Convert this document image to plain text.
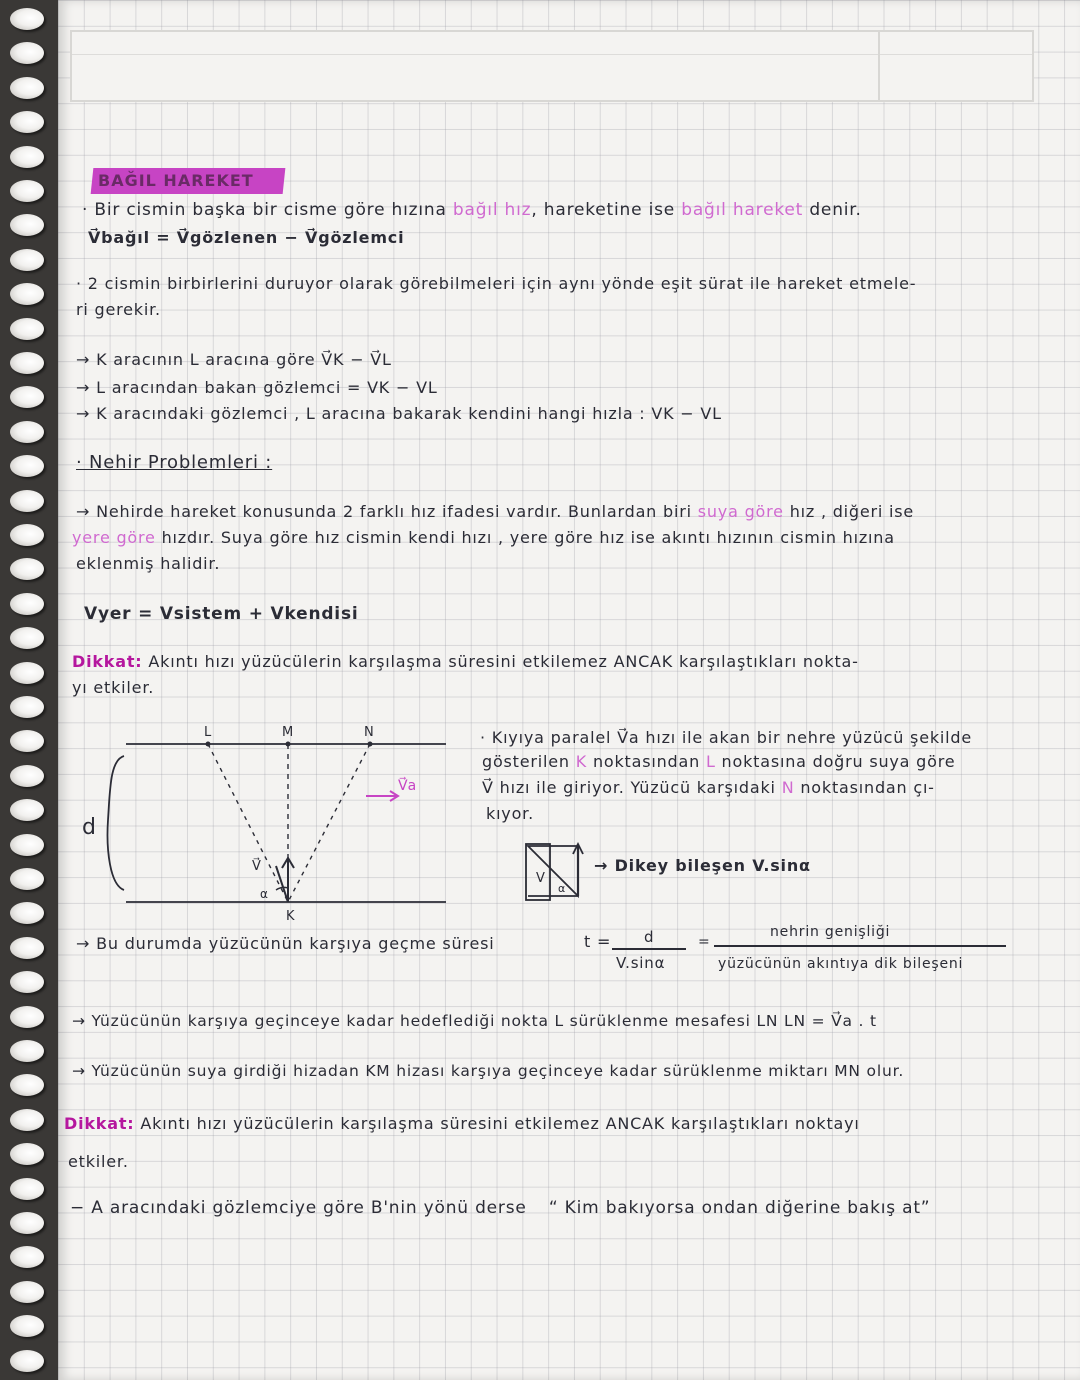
BAĞIL HAREKET
· Bir cismin başka bir cisme göre hızına bağıl hız, hareketine ise bağıl hareket denir.
V⃗bağıl = V⃗gözlenen − V⃗gözlemci
· 2 cismin birbirlerini duruyor olarak görebilmeleri için aynı yönde eşit sürat ile hareket etmele-
ri gerekir.
→ K aracının L aracına göre V⃗K − V⃗L
→ L aracından bakan gözlemci = VK − VL
→ K aracındaki gözlemci , L aracına bakarak kendini hangi hızla : VK − VL
· Nehir Problemleri :
→ Nehirde hareket konusunda 2 farklı hız ifadesi vardır. Bunlardan biri suya göre hız , diğeri ise
yere göre hızdır. Suya göre hız cismin kendi hızı , yere göre hız ise akıntı hızının cismin hızına
eklenmiş halidir.
Vyer = Vsistem + Vkendisi
Dikkat: Akıntı hızı yüzücülerin karşılaşma süresini etkilemez ANCAK karşılaştıkları nokta-
yı etkiler.
L	M	N
K
d
V⃗a
α
V⃗
· Kıyıya paralel V⃗a hızı ile akan bir nehre yüzücü şekilde
gösterilen K noktasından L noktasına doğru suya göre
V⃗ hızı ile giriyor. Yüzücü karşıdaki N noktasından çı-
kıyor.
V
α
→ Dikey bileşen V.sinα
→ Bu durumda yüzücünün karşıya geçme süresi	t = d
V.sinα
=
nehrin genişliği
yüzücünün akıntıya dik bileşeni
→ Yüzücünün karşıya geçinceye kadar hedeflediği nokta L sürüklenme mesafesi LN LN = V⃗a . t
→ Yüzücünün suya girdiği hizadan KM hizası karşıya geçinceye kadar sürüklenme miktarı MN olur.
Dikkat: Akıntı hızı yüzücülerin karşılaşma süresini etkilemez ANCAK karşılaştıkları noktayı
etkiler.
− A aracındaki gözlemciye göre B'nin yönü derse “ Kim bakıyorsa ondan diğerine bakış at”
